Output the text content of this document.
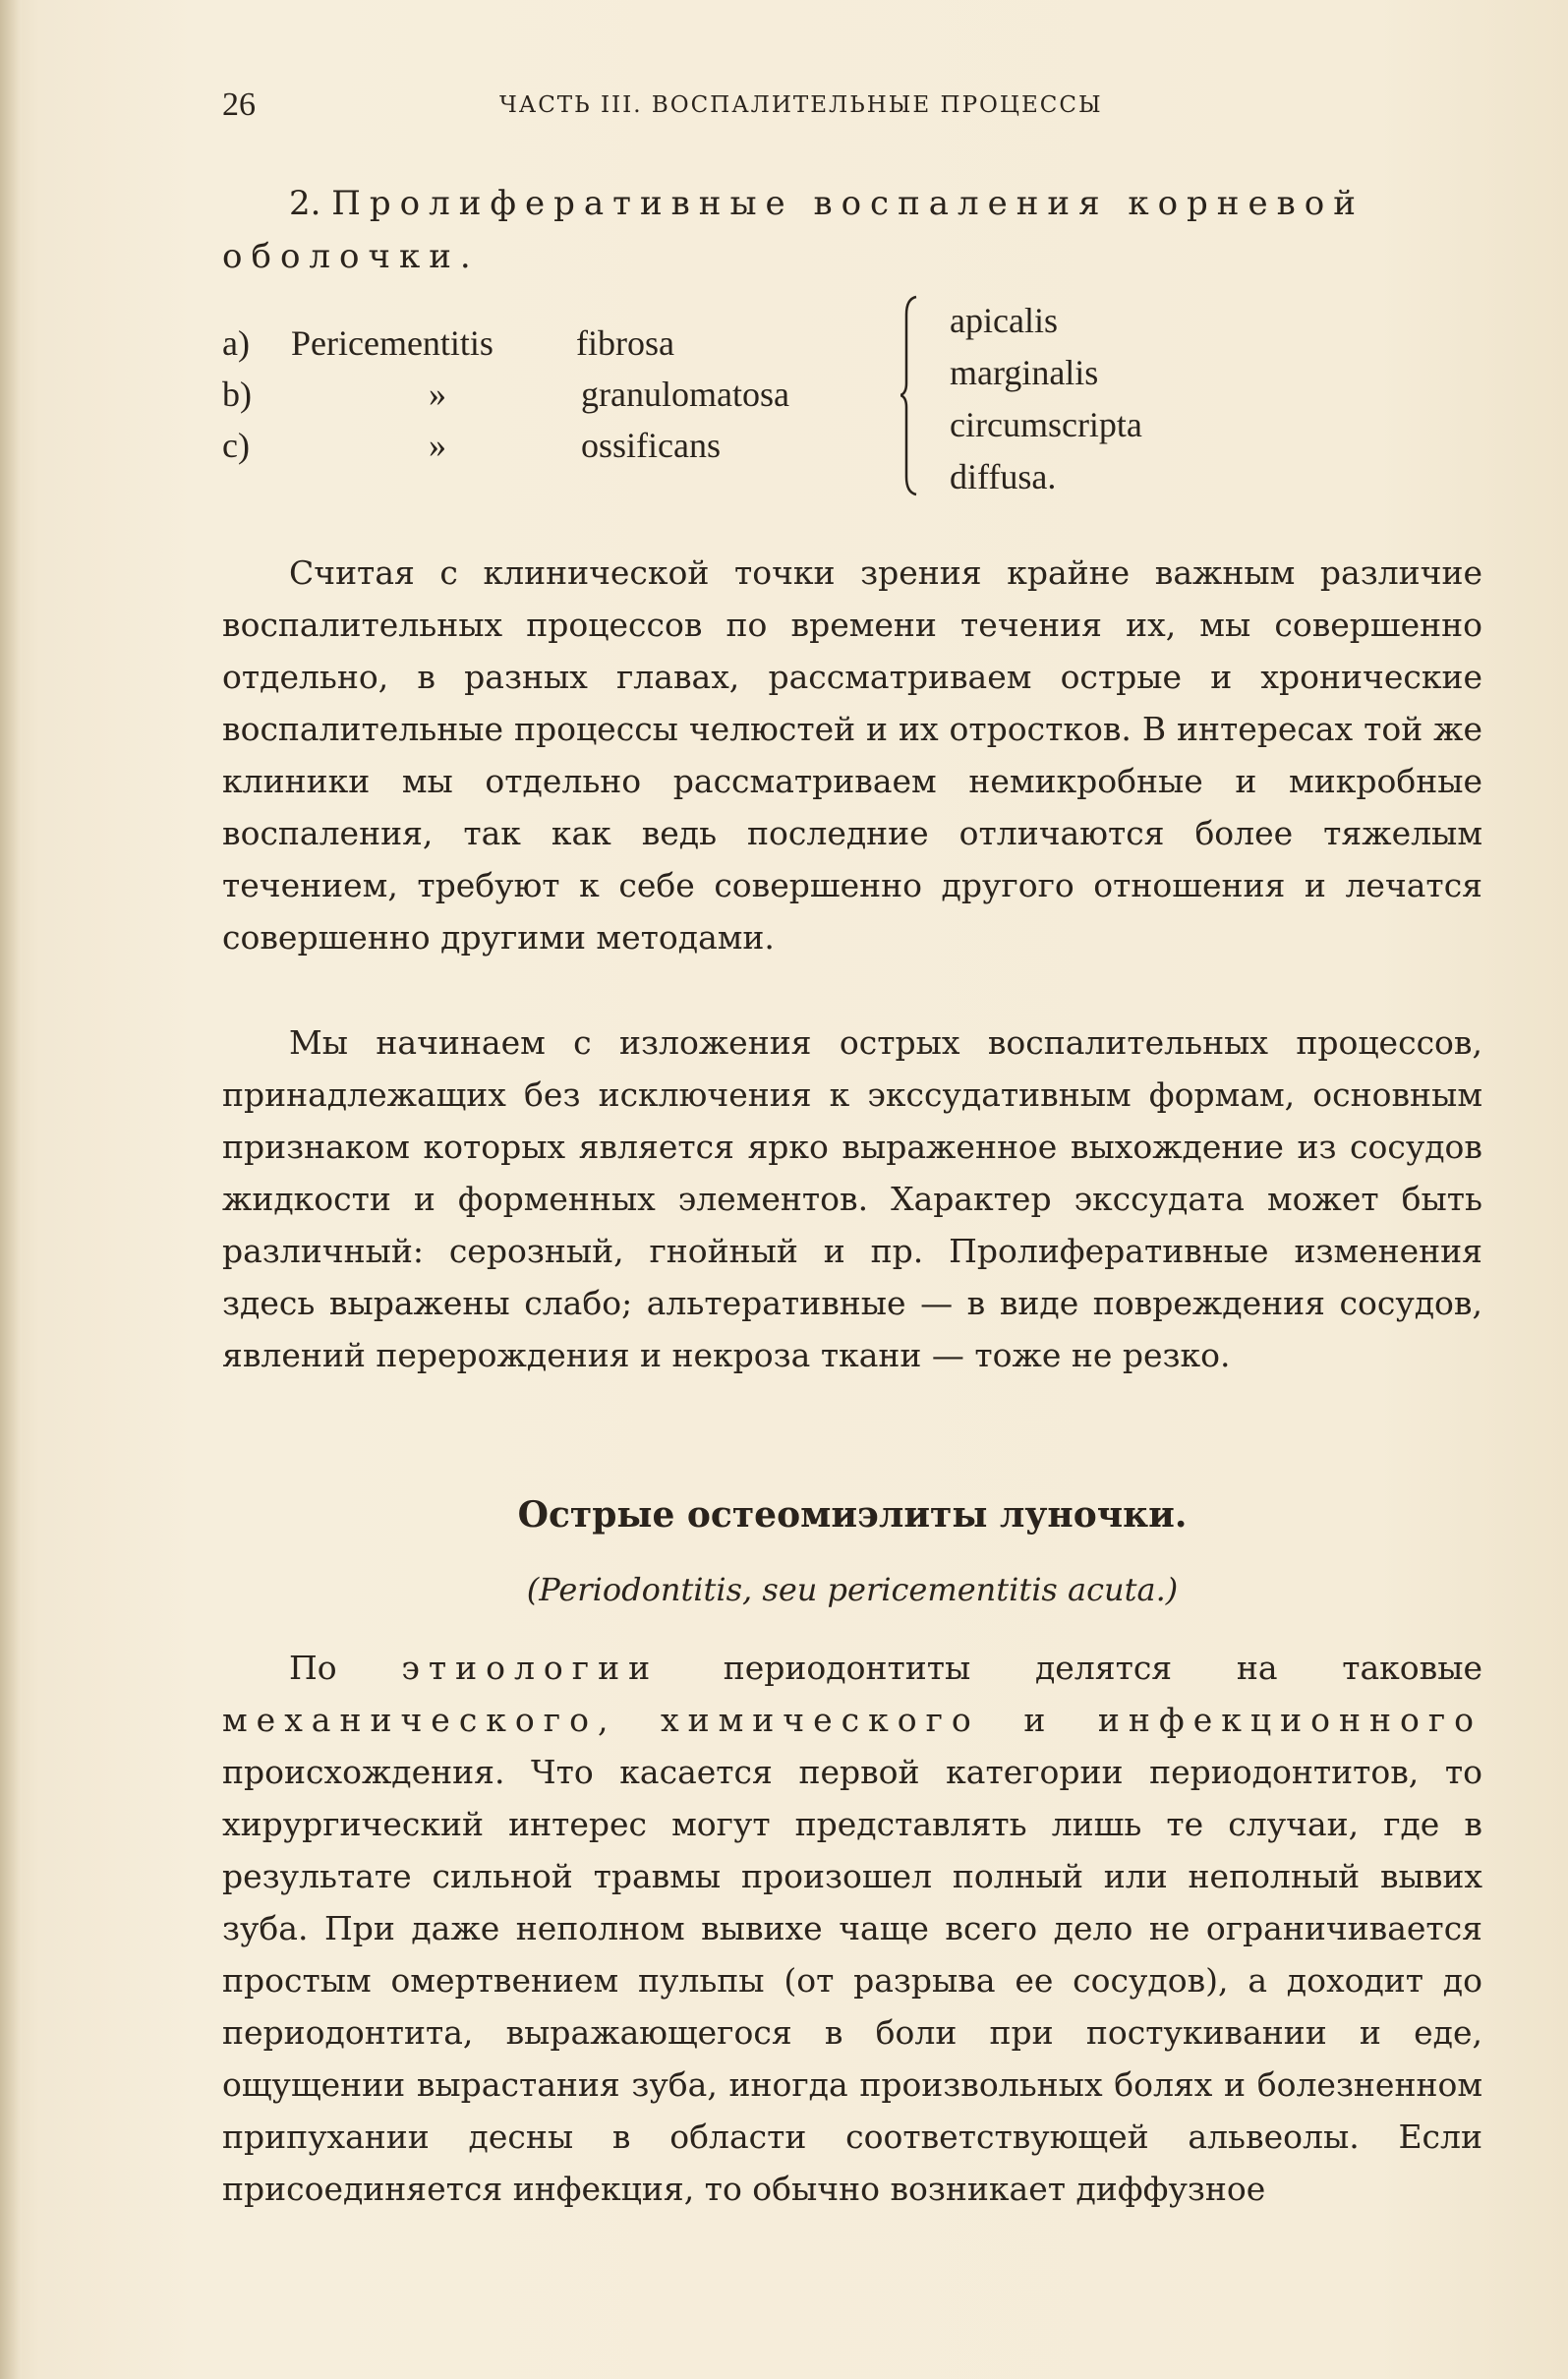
26	ЧАСТЬ III. ВОСПАЛИТЕЛЬНЫЕ ПРОЦЕССЫ
2. Пролиферативные воспаления корневой оболочки.
a) Pericementitis fibrosa
b)	»	granulomatosa
c)	»	ossificans
apicalis
marginalis
circumscripta
diffusa.
Считая с клинической точки зрения крайне важным различие воспалительных процессов по времени течения их, мы совершенно отдельно, в разных главах, рассматриваем острые и хронические воспалительные процессы челюстей и их отростков. В интересах той же клиники мы отдельно рассматриваем немикробные и микробные воспаления, так как ведь последние отличаются более тяжелым течением, требуют к себе совершенно другого отношения и лечатся совершенно другими методами.
Мы начинаем с изложения острых воспалительных процессов, принадлежащих без исключения к экссудативным формам, основным признаком которых является ярко выраженное выхождение из сосудов жидкости и форменных элементов. Характер экссудата может быть различный: серозный, гнойный и пр. Пролиферативные изменения здесь выражены слабо; альтеративные — в виде повреждения сосудов, явлений перерождения и некроза ткани — тоже не резко.
Острые остеомиэлиты луночки.
(Periodontitis, seu pericementitis acuta.)
По этиологии периодонтиты делятся на таковые механического, химического и инфекционного происхождения. Что касается первой категории периодонтитов, то хирургический интерес могут представлять лишь те случаи, где в результате сильной травмы произошел полный или неполный вывих зуба. При даже неполном вывихе чаще всего дело не ограничивается простым омертвением пульпы (от разрыва ее сосудов), а доходит до периодонтита, выражающегося в боли при постукивании и еде, ощущении вырастания зуба, иногда произвольных болях и болезненном припухании десны в области соответствующей альвеолы. Если присоединяется инфекция, то обычно возникает диффузное
